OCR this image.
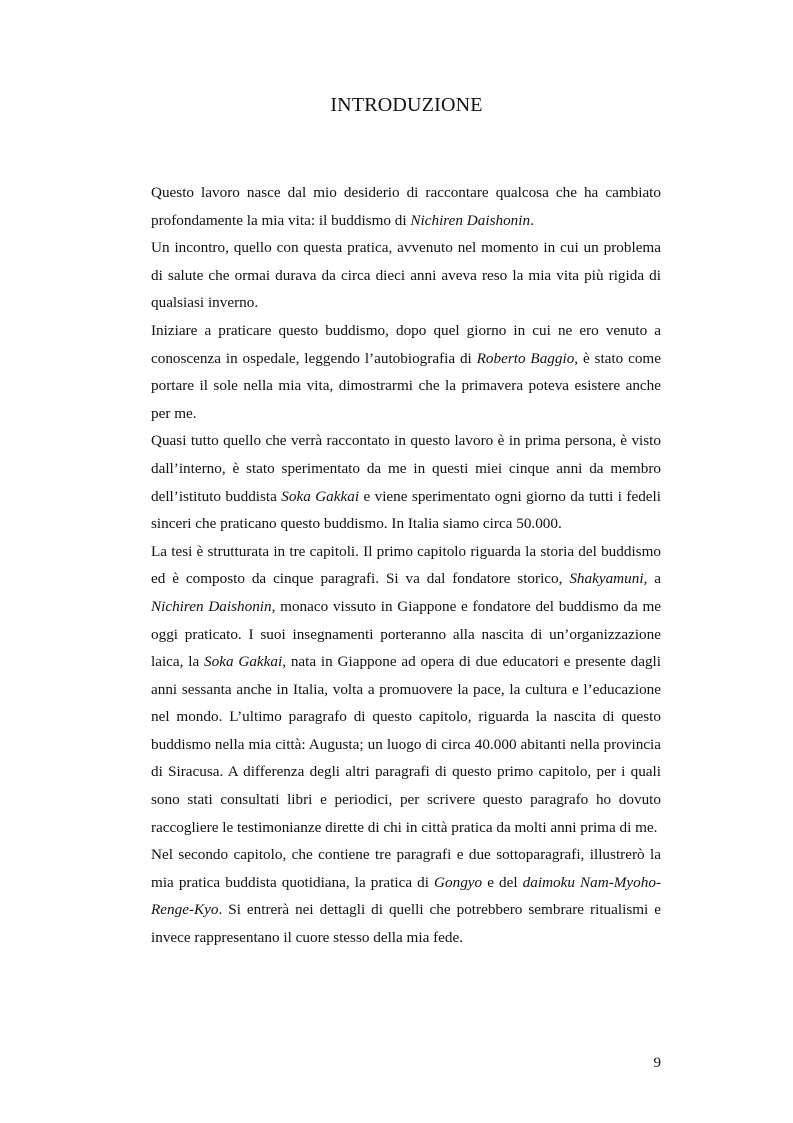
INTRODUZIONE

Questo lavoro nasce dal mio desiderio di raccontare qualcosa che ha cambiato profondamente la mia vita: il buddismo di Nichiren Daishonin.

Un incontro, quello con questa pratica, avvenuto nel momento in cui un problema di salute che ormai durava da circa dieci anni aveva reso la mia vita più rigida di qualsiasi inverno.

Iniziare a praticare questo buddismo, dopo quel giorno in cui ne ero venuto a conoscenza in ospedale, leggendo l’autobiografia di Roberto Baggio, è stato come portare il sole nella mia vita, dimostrarmi che la primavera poteva esistere anche per me.

Quasi tutto quello che verrà raccontato in questo lavoro è in prima persona, è visto dall’interno, è stato sperimentato da me in questi miei cinque anni da membro dell’istituto buddista Soka Gakkai e viene sperimentato ogni giorno da tutti i fedeli sinceri che praticano questo buddismo. In Italia siamo circa 50.000.

La tesi è strutturata in tre capitoli. Il primo capitolo riguarda la storia del buddismo ed è composto da cinque paragrafi. Si va dal fondatore storico, Shakyamuni, a Nichiren Daishonin, monaco vissuto in Giappone e fondatore del buddismo da me oggi praticato. I suoi insegnamenti porteranno alla nascita di un’organizzazione laica, la Soka Gakkai, nata in Giappone ad opera di due educatori e presente dagli anni sessanta anche in Italia, volta a promuovere la pace, la cultura e l’educazione nel mondo. L’ultimo paragrafo di questo capitolo, riguarda la nascita di questo buddismo nella mia città: Augusta; un luogo di circa 40.000 abitanti nella provincia di Siracusa. A differenza degli altri paragrafi di questo primo capitolo, per i quali sono stati consultati libri e periodici, per scrivere questo paragrafo ho dovuto raccogliere le testimonianze dirette di chi in città pratica da molti anni prima di me.

Nel secondo capitolo, che contiene tre paragrafi e due sottoparagrafi, illustrerò la mia pratica buddista quotidiana, la pratica di Gongyo e del daimoku Nam-Myoho-Renge-Kyo. Si entrerà nei dettagli di quelli che potrebbero sembrare ritualismi e invece rappresentano il cuore stesso della mia fede.

9
